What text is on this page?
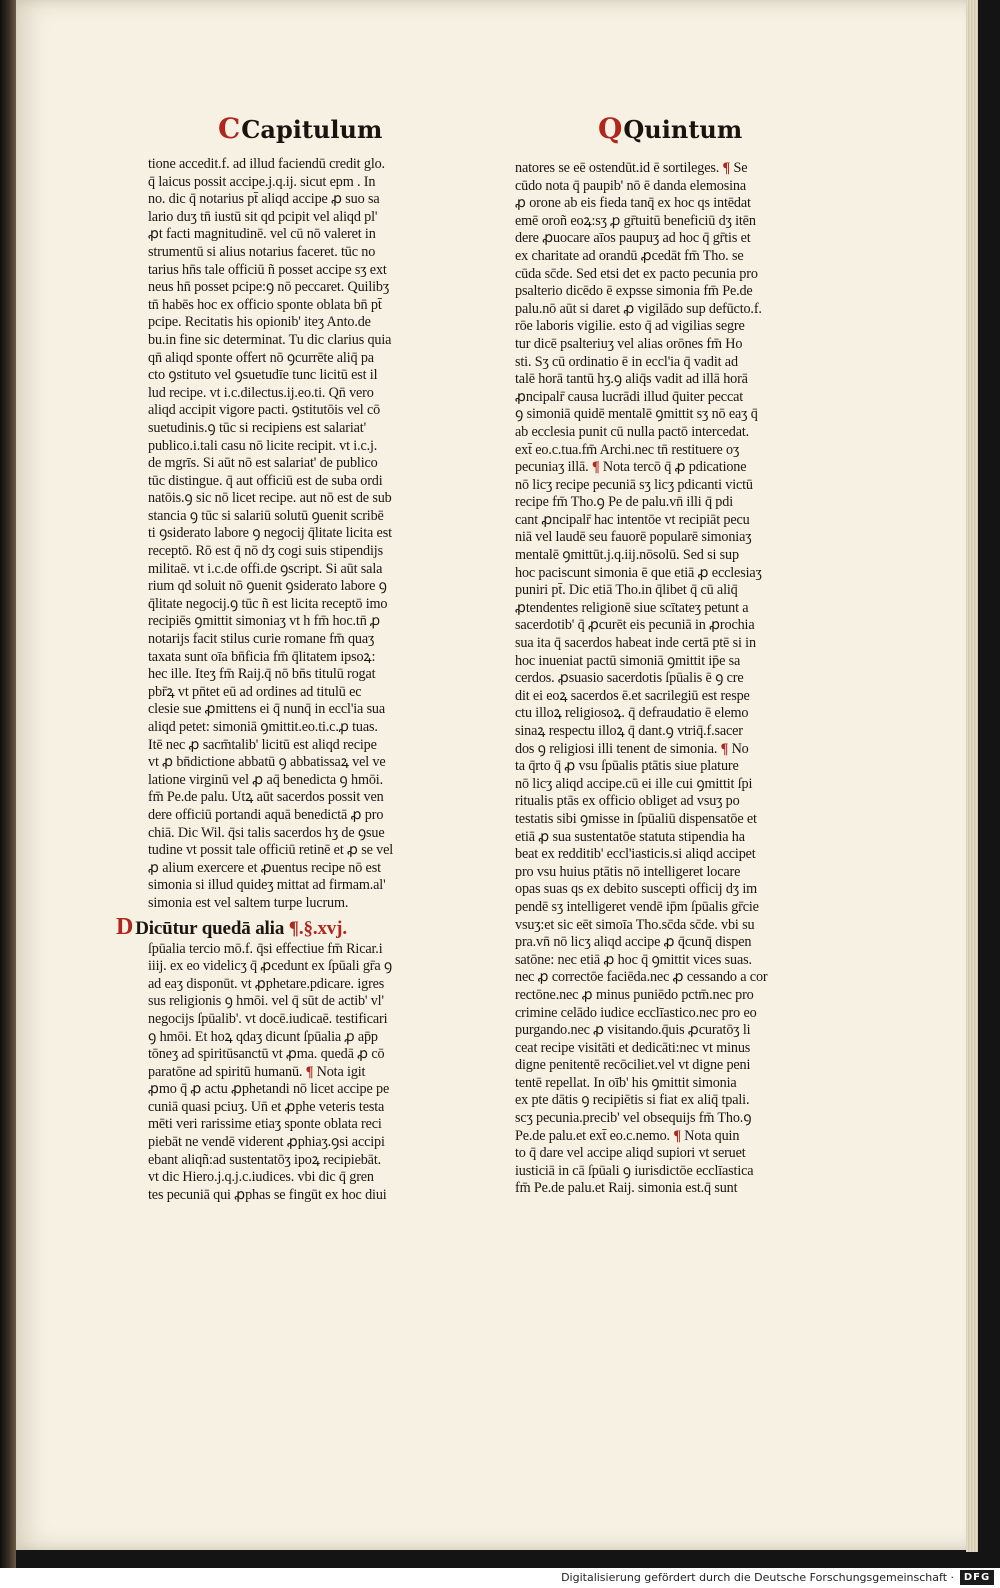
CCapitulum	QQuintum
tione accedit.f. ad illud faciendū credit glo.
q̄ laicus possit accipe.j.q.ij. sicut epm . In
no. dic q̄ notarius pt̄ aliqd accipe ꝓ suo sa
lario duʒ tn̄ iustū sit qd pcipit vel aliqd pl'
ꝓt facti magnitudinē. vel cū nō valeret in
strumentū si alius notarius faceret. tūc no
tarius hn̄s tale officiū ñ posset accipe sʒ ext
neus hn̄ posset pcipe:ꝯ nō peccaret. Quilibʒ
tn̄ habēs hoc ex officio sponte oblata bn̄ pt̄
pcipe. Recitatis his opionib' iteʒ Anto.de
bu.in fine sic determinat. Tu dic clarius quia
qn̄ aliqd sponte offert nō ꝯcurrēte aliq̄ pa
cto ꝯstituto vel ꝯsuetudīe tunc licitū est il
lud recipe. vt i.c.dilectus.ij.eo.ti. Qn̄ vero
aliqd accipit vigore pacti. ꝯstitutōis vel cō
suetudinis.ꝯ tūc si recipiens est salariat'
publico.i.tali casu nō licite recipit. vt i.c.j.
de mgrīs. Si aūt nō est salariat' de publico
tūc distingue. q̄ aut officiū est de suba ordi
natōis.ꝯ sic nō licet recipe. aut nō est de sub
stancia ꝯ tūc si salariū solutū ꝯuenit scribē
ti ꝯsiderato labore ꝯ negocij q̄litate licita est
receptō. Rō est q̄ nō dʒ cogi suis stipendijs
militaē. vt i.c.de offi.de ꝯscript. Si aūt sala
rium qd soluit nō ꝯuenit ꝯsiderato labore ꝯ
q̄litate negocij.ꝯ tūc ñ est licita receptō imo
recipiēs ꝯmittit simoniaʒ vt h fm̄ hoc.tn̄ ꝓ
notarijs facit stilus curie romane fm̄ quaʒ
taxata sunt oīa bn̄ficia fm̄ q̄litatem ipsoꝝ:
hec ille. Iteʒ fm̄ Raij.q̄ nō bn̄s titulū rogat
pbr̄ꝝ vt pn̄tet eū ad ordines ad titulū ec
clesie sue ꝓmittens ei q̄ nunq̄ in eccl'ia sua
aliqd petet: simoniā ꝯmittit.eo.ti.c.ꝓ tuas.
Itē nec ꝓ sacm̄talib' licitū est aliqd recipe
vt ꝓ bn̄dictione abbatū ꝯ abbatissaꝝ vel ve
latione virginū vel ꝓ aq̄ benedicta ꝯ hmōi.
fm̄ Pe.de palu. Utꝝ aūt sacerdos possit ven
dere officiū portandi aquā benedictā ꝓ pro
chiā. Dic Wil. q̄si talis sacerdos hʒ de ꝯsue
tudine vt possit tale officiū retinē et ꝓ se vel
ꝓ alium exercere et ꝓuentus recipe nō est
simonia si illud quideʒ mittat ad firmam.al'
simonia est vel saltem turpe lucrum.
D Dicūtur quedā alia ¶.§.xvj.
ſpūalia tercio mō.f. q̄si effectiue fm̄ Ricar.i
iiij. ex eo videlicʒ q̄ ꝓcedunt ex ſpūali gr̄a ꝯ
ad eaʒ disponūt. vt ꝓphetare.pdicare. igres
sus religionis ꝯ hmōi. vel q̄ sūt de actib' vl'
negocijs ſpūalib'. vt docē.iudicaē. testificari
ꝯ hmōi. Et hoꝝ qdaʒ dicunt ſpūalia ꝓ ap̄p
tōneʒ ad spiritūsanctū vt ꝓma. quedā ꝓ cō
paratōne ad spiritū humanū. ¶ Nota igit
ꝓmo q̄ ꝓ actu ꝓphetandi nō licet accipe pe
cuniā quasi pciuʒ. Un̄ et ꝓphe veteris testa
mēti veri rarissime etiaʒ sponte oblata reci
piebāt ne vendē viderent ꝓphiaʒ.ꝯsi accipi
ebant aliqñ:ad sustentatōʒ ipoꝝ recipiebāt.
vt dic Hiero.j.q.j.c.iudices. vbi dic q̄ gren
tes pecuniā qui ꝓphas se fingūt ex hoc diui
natores se eē ostendūt.id ē sortileges. ¶ Se
cūdo nota q̄ paupib' nō ē danda elemosina
ꝓ orone ab eis fieda tanq̄ ex hoc qs intēdat
emē oroñ eoꝝ:sʒ ꝓ gr̄tuitū beneficiū dʒ itēn
dere ꝓuocare aīos paupuʒ ad hoc q̄ gr̄tis et
ex charitate ad orandū ꝓcedāt fm̄ Tho. se
cūda sc̄de. Sed etsi det ex pacto pecunia pro
psalterio dicēdo ē expsse simonia fm̄ Pe.de
palu.nō aūt si daret ꝓ vigilādo sup defūcto.f.
rōe laboris vigilie. esto q̄ ad vigilias segre
tur dicē psalteriuʒ vel alias orōnes fm̄ Ho
sti. Sʒ cū ordinatio ē in eccl'ia q̄ vadit ad
talē horā tantū hʒ.ꝯ aliq̄s vadit ad illā horā
ꝓncipalr̄ causa lucrādi illud q̄uiter peccat
ꝯ simoniā quidē mentalē ꝯmittit sʒ nō eaʒ q̄
ab ecclesia punit cū nulla pactō intercedat.
ext̄ eo.c.tua.fm̄ Archi.nec tn̄ restituere oʒ
pecuniaʒ illā. ¶ Nota tercō q̄ ꝓ pdicatione
nō licʒ recipe pecuniā sʒ licʒ pdicanti victū
recipe fm̄ Tho.ꝯ Pe de palu.vn̄ illi q̄ pdi
cant ꝓncipalr̄ hac intentōe vt recipiāt pecu
niā vel laudē seu fauorē popularē simoniaʒ
mentalē ꝯmittūt.j.q.iij.nōsolū. Sed si sup
hoc paciscunt simonia ē que etiā ꝓ ecclesiaʒ
puniri pt̄. Dic etiā Tho.in q̄libet q̄ cū aliq̄
ꝓtendentes religionē siue scītateʒ petunt a
sacerdotib' q̄ ꝓcurēt eis pecuniā in ꝓrochia
sua ita q̄ sacerdos habeat inde certā ptē si in
hoc inueniat pactū simoniā ꝯmittit ip̄e sa
cerdos. ꝓsuasio sacerdotis ſpūalis ē ꝯ cre
dit ei eoꝝ sacerdos ē.et sacrilegiū est respe
ctu illoꝝ religiosoꝝ. q̄ defraudatio ē elemo
sinaꝝ respectu illoꝝ q̄ dant.ꝯ vtriq̄.f.sacer
dos ꝯ religiosi illi tenent de simonia. ¶ No
ta q̄rto q̄ ꝓ vsu ſpūalis ptātis siue plature
nō licʒ aliqd accipe.cū ei ille cui ꝯmittit ſpi
ritualis ptās ex officio obliget ad vsuʒ po
testatis sibi ꝯmisse in ſpūaliū dispensatōe et
etiā ꝓ sua sustentatōe statuta stipendia ha
beat ex redditib' eccl'iasticis.si aliqd accipet
pro vsu huius ptātis nō intelligeret locare
opas suas qs ex debito suscepti officij dʒ im
pendē sʒ intelligeret vendē ip̄m ſpūalis gr̄cie
vsuʒ:et sic eēt simoīa Tho.sc̄da sc̄de. vbi su
pra.vn̄ nō licʒ aliqd accipe ꝓ q̄cunq̄ dispen
satōne: nec etiā ꝓ hoc q̄ ꝯmittit vices suas.
nec ꝓ correctōe faciēda.nec ꝓ cessando a cor
rectōne.nec ꝓ minus puniēdo pctm̄.nec pro
crimine celādo iudice ecclīastico.nec pro eo
purgando.nec ꝓ visitando.q̄uis ꝓcuratōʒ li
ceat recipe visitāti et dedicāti:nec vt minus
digne penitentē recōciliet.vel vt digne peni
tentē repellat. In oīb' his ꝯmittit simonia
ex pte dātis ꝯ recipiētis si fiat ex aliq̄ tpali.
scʒ pecunia.precib' vel obsequijs fm̄ Tho.ꝯ
Pe.de palu.et ext̄ eo.c.nemo. ¶ Nota quin
to q̄ dare vel accipe aliqd supiori vt seruet
iusticiā in cā ſpūali ꝯ iurisdictōe ecclīastica
fm̄ Pe.de palu.et Raij. simonia est.q̄ sunt
Digitalisierung gefördert durch die Deutsche Forschungsgemeinschaft · DFG
